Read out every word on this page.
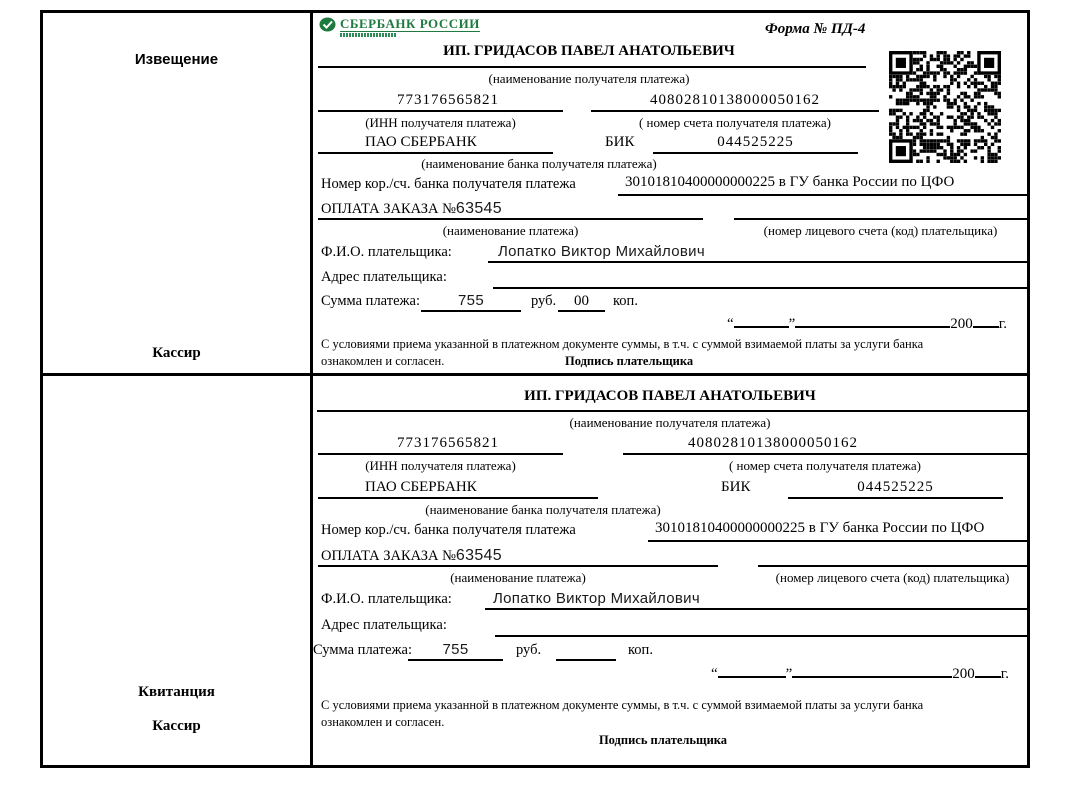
Извещение
Кассир
СБЕРБАНК РОССИИ	Форма № ПД-4
ИП. ГРИДАСОВ ПАВЕЛ АНАТОЛЬЕВИЧ
(наименование получателя платежа)
773176565821	40802810138000050162
(ИНН получателя платежа)	( номер счета получателя платежа)
ПАО СБЕРБАНК	БИК	044525225
(наименование банка получателя платежа)
Номер кор./сч. банка получателя платежа	30101810400000000225 в ГУ банка России по ЦФО
ОПЛАТА ЗАКАЗА №63545
(наименование платежа)	(номер лицевого счета (код) плательщика)
Ф.И.О. плательщика:	Лопатко Виктор Михайлович
Адрес плательщика:
Сумма платежа:	755	руб.	00	коп.
“	”	200 г.
С условиями приема указанной в платежном документе суммы, в т.ч. с суммой взимаемой платы за услуги банка
ознакомлен и согласен.	Подпись плательщика
Квитанция
Кассир
ИП. ГРИДАСОВ ПАВЕЛ АНАТОЛЬЕВИЧ
(наименование получателя платежа)
773176565821	40802810138000050162
(ИНН получателя платежа)	( номер счета получателя платежа)
ПАО СБЕРБАНК	БИК	044525225
(наименование банка получателя платежа)
Номер кор./сч. банка получателя платежа	30101810400000000225 в ГУ банка России по ЦФО
ОПЛАТА ЗАКАЗА №63545
(наименование платежа)	(номер лицевого счета (код) плательщика)
Ф.И.О. плательщика:	Лопатко Виктор Михайлович
Адрес плательщика:
Сумма платежа:	755	руб.	коп.
“	”	200 г.
С условиями приема указанной в платежном документе суммы, в т.ч. с суммой взимаемой платы за услуги банка
ознакомлен и согласен.
Подпись плательщика
